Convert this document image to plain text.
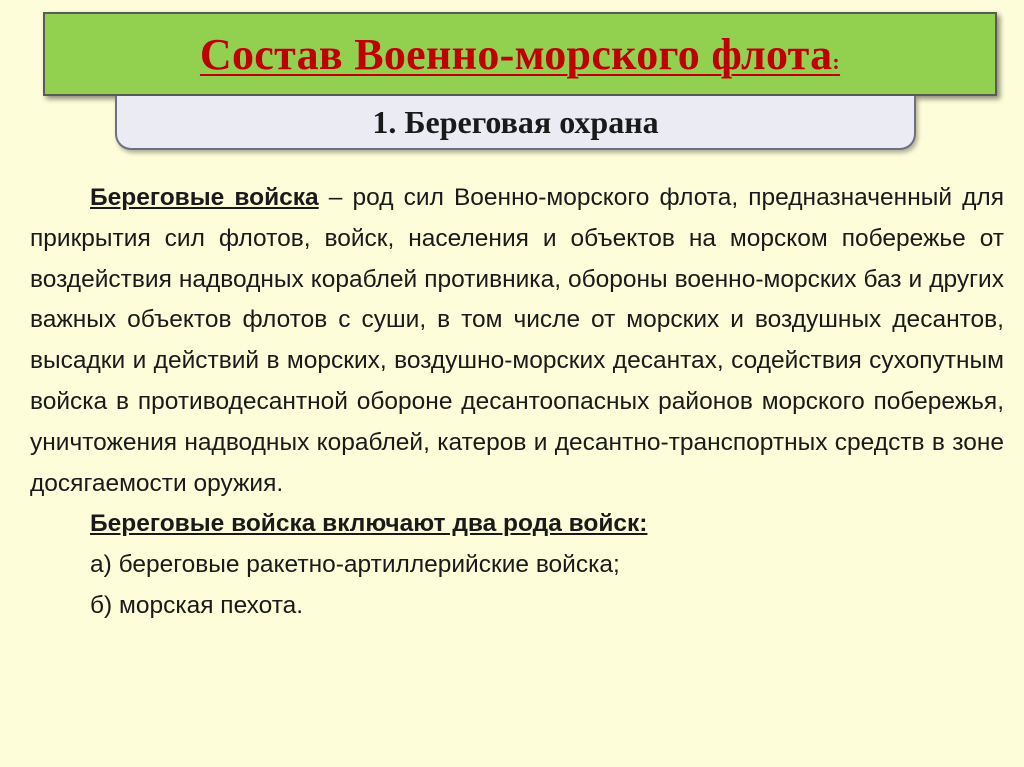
Состав Военно-морского флота:
1. Береговая охрана

Береговые войска – род сил Военно-морского флота, предназначенный для прикрытия сил флотов, войск, населения и объектов на морском побережье от воздействия надводных кораблей противника, обороны военно-морских баз и других важных объектов флотов с суши, в том числе от морских и воздушных десантов, высадки и действий в морских, воздушно-морских десантах, содействия сухопутным войска в противодесантной обороне десантоопасных районов морского побережья, уничтожения надводных кораблей, катеров и десантно-транспортных средств в зоне досягаемости оружия.

Береговые войска включают два рода войск:

а) береговые ракетно-артиллерийские войска;

б) морская пехота.
